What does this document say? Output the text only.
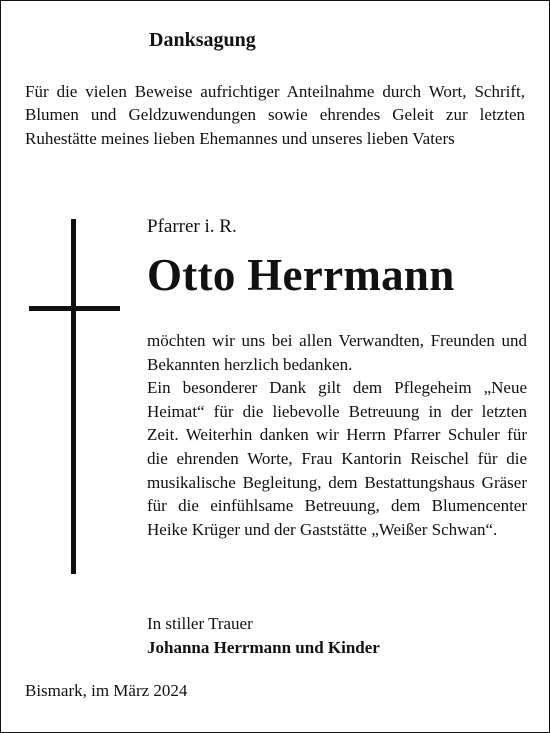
Danksagung

Für die vielen Beweise aufrichtiger Anteilnahme durch Wort, Schrift, Blumen und Geldzuwendungen sowie ehrendes Geleit zur letzten Ruhestätte meines lieben Ehemannes und unseres lieben Vaters

Pfarrer i. R.

Otto Herrmann

möchten wir uns bei allen Verwandten, Freunden und Bekannten herzlich bedanken.

Ein besonderer Dank gilt dem Pflegeheim „Neue Heimat“ für die liebevolle Betreuung in der letzten Zeit. Weiterhin danken wir Herrn Pfarrer Schuler für die ehrenden Worte, Frau Kantorin Reischel für die musikalische Begleitung, dem Bestattungshaus Gräser für die einfühlsame Betreuung, dem Blumencenter Heike Krüger und der Gaststätte „Weißer Schwan“.

In stiller Trauer
Johanna Herrmann und Kinder

Bismark, im März 2024
